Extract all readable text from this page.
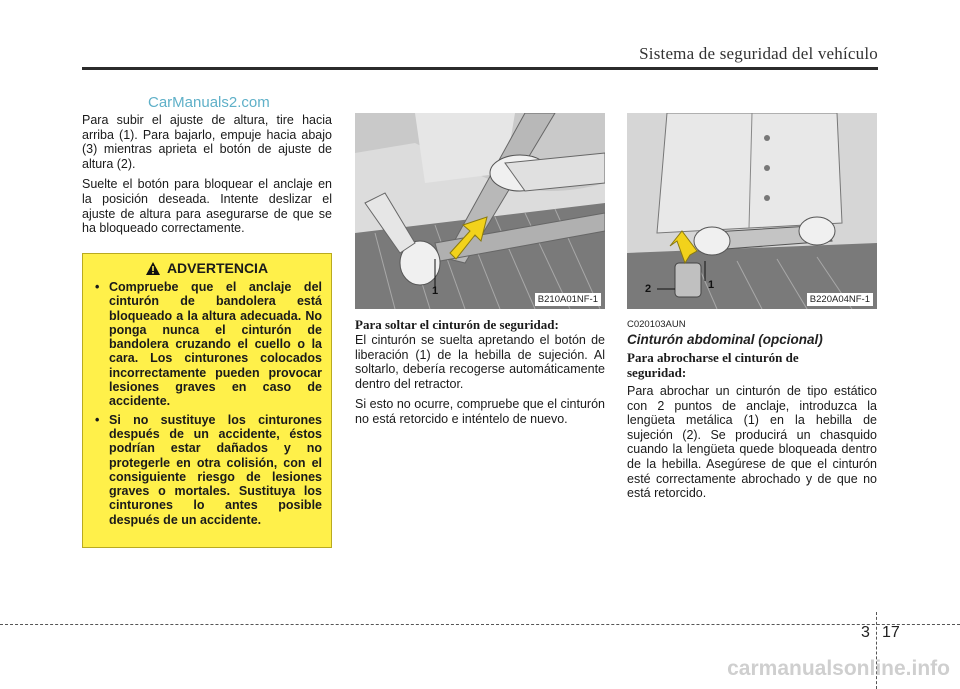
Sistema de seguridad del vehículo
CarManuals2.com

Para subir el ajuste de altura, tire hacia arriba (1). Para bajarlo, empuje hacia abajo (3) mientras aprieta el botón de ajuste de altura (2).

Suelte el botón para bloquear el anclaje en la posición deseada. Intente deslizar el ajuste de altura para asegurarse de que se ha bloqueado correctamente.

ADVERTENCIA
• Compruebe que el anclaje del cinturón de bandolera está bloqueado a la altura adecuada. No ponga nunca el cinturón de bandolera cruzando el cuello o la cara. Los cinturones colocados incorrectamente pueden provocar lesiones graves en caso de accidente.
• Si no sustituye los cinturones después de un accidente, éstos podrían estar dañados y no protegerle en otra colisión, con el consiguiente riesgo de lesiones graves o mortales. Sustituya los cinturones lo antes posible después de un accidente.
1
B210A01NF-1
Para soltar el cinturón de seguridad:

El cinturón se suelta apretando el botón de liberación (1) de la hebilla de sujeción. Al soltarlo, debería recogerse automáticamente dentro del retractor.

Si esto no ocurre, compruebe que el cinturón no está retorcido e inténtelo de nuevo.

2	1
B220A04NF-1
C020103AUN
Cinturón abdominal (opcional)
Para abrocharse el cinturón de seguridad:

Para abrochar un cinturón de tipo estático con 2 puntos de anclaje, introduzca la lengüeta metálica (1) en la hebilla de sujeción (2). Se producirá un chasquido cuando la lengüeta quede bloqueada dentro de la hebilla. Asegúrese de que el cinturón esté correctamente abrochado y de que no está retorcido.

3 17
carmanualsonline.info
